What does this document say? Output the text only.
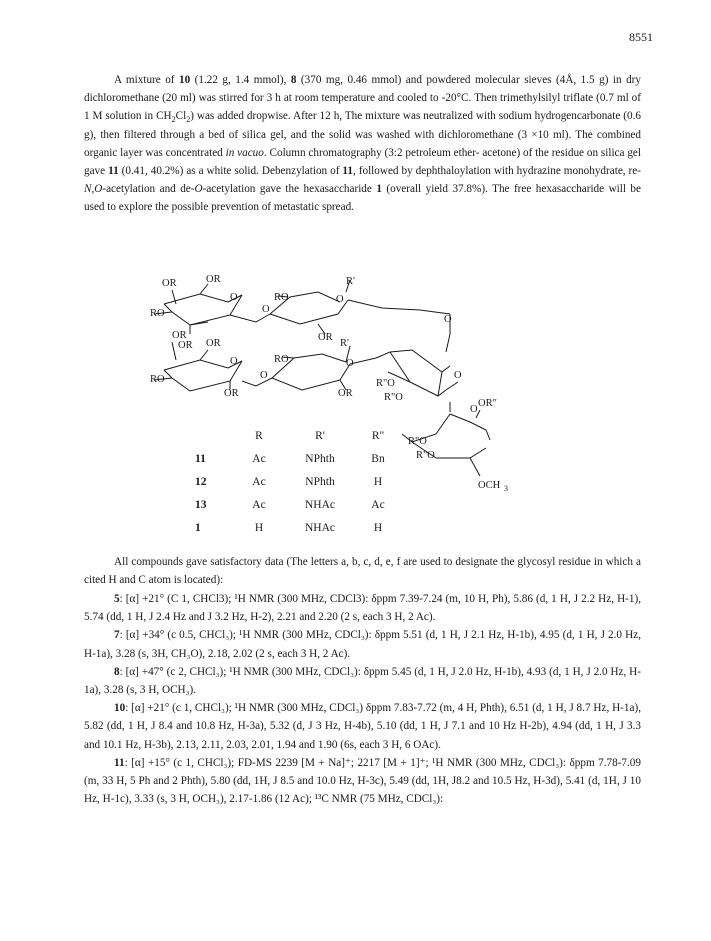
8551

A mixture of 10 (1.22 g, 1.4 mmol), 8 (370 mg, 0.46 mmol) and powdered molecular sieves (4Å, 1.5 g) in dry dichloromethane (20 ml) was stirred for 3 h at room temperature and cooled to -20°C. Then trimethylsilyl triflate (0.7 ml of 1 M solution in $CH_2Cl_2$) was added dropwise. After 12 h, The mixture was neutralized with sodium hydrogencarbonate (0.6 g), then filtered through a bed of silica gel, and the solid was washed with dichloromethane (3 ×10 ml). The combined organic layer was concentrated in vacuo. Column chromatography (3:2 petroleum ether- acetone) of the residue on silica gel gave 11 (0.41, 40.2%) as a white solid. Debenzylation of 11, followed by dephthaloylation with hydrazine monohydrate, re-N,O-acetylation and de-O-acetylation gave the hexasaccharide 1 (overall yield 37.8%). The free hexasaccharide will be used to explore the possible prevention of metastatic spread.

OR	OR
O
R'
RO	O
RO	O
OR
OR
OR
OR
R'
O	RO
RO	O
O
OR	OR
R"O
R"O
O
O
OR"
R"O
R"O
O
OCH 3
	R	R'	R"
11	Ac	NPhth	Bn
12	Ac	NPhth	H
13	Ac	NHAc	Ac
1	H	NHAc	H

All compounds gave satisfactory data (The letters a, b, c, d, e, f are used to designate the glycosyl residue in which a cited H and C atom is located):

5: [α] +21° (C 1, CHCl3); ¹H NMR (300 MHz, CDCl3): δppm 7.39-7.24 (m, 10 H, Ph), 5.86 (d, 1 H, J 2.2 Hz, H-1), 5.74 (dd, 1 H, J 2.4 Hz and J 3.2 Hz, H-2), 2.21 and 2.20 (2 s, each 3 H, 2 Ac).

7: [α] +34° (c 0.5, CHCl₃); ¹H NMR (300 MHz, CDCl₃): δppm 5.51 (d, 1 H, J 2.1 Hz, H-1b), 4.95 (d, 1 H, J 2.0 Hz, H-1a), 3.28 (s, 3H, CH₃O), 2.18, 2.02 (2 s, each 3 H, 2 Ac).

8: [α] +47° (c 2, CHCl₃); ¹H NMR (300 MHz, CDCl₃): δppm 5.45 (d, 1 H, J 2.0 Hz, H-1b), 4.93 (d, 1 H, J 2.0 Hz, H-1a), 3.28 (s, 3 H, OCH₃).

10: [α] +21° (c 1, CHCl₃); ¹H NMR (300 MHz, CDCl₃) δppm 7.83-7.72 (m, 4 H, Phth), 6.51 (d, 1 H, J 8.7 Hz, H-1a), 5.82 (dd, 1 H, J 8.4 and 10.8 Hz, H-3a), 5.32 (d, J 3 Hz, H-4b), 5.10 (dd, 1 H, J 7.1 and 10 Hz H-2b), 4.94 (dd, 1 H, J 3.3 and 10.1 Hz, H-3b), 2.13, 2.11, 2.03, 2.01, 1.94 and 1.90 (6s, each 3 H, 6 OAc).

11: [α] +15° (c 1, CHCl₃); FD-MS 2239 [M + Na]⁺; 2217 [M + 1]⁺; ¹H NMR (300 MHz, CDCl₃): δppm 7.78-7.09 (m, 33 H, 5 Ph and 2 Phth), 5.80 (dd, 1H, J 8.5 and 10.0 Hz, H-3c), 5.49 (dd, 1H, J8.2 and 10.5 Hz, H-3d), 5.41 (d, 1H, J 10 Hz, H-1c), 3.33 (s, 3 H, OCH₃), 2.17-1.86 (12 Ac); ¹³C NMR (75 MHz, CDCl₃):
